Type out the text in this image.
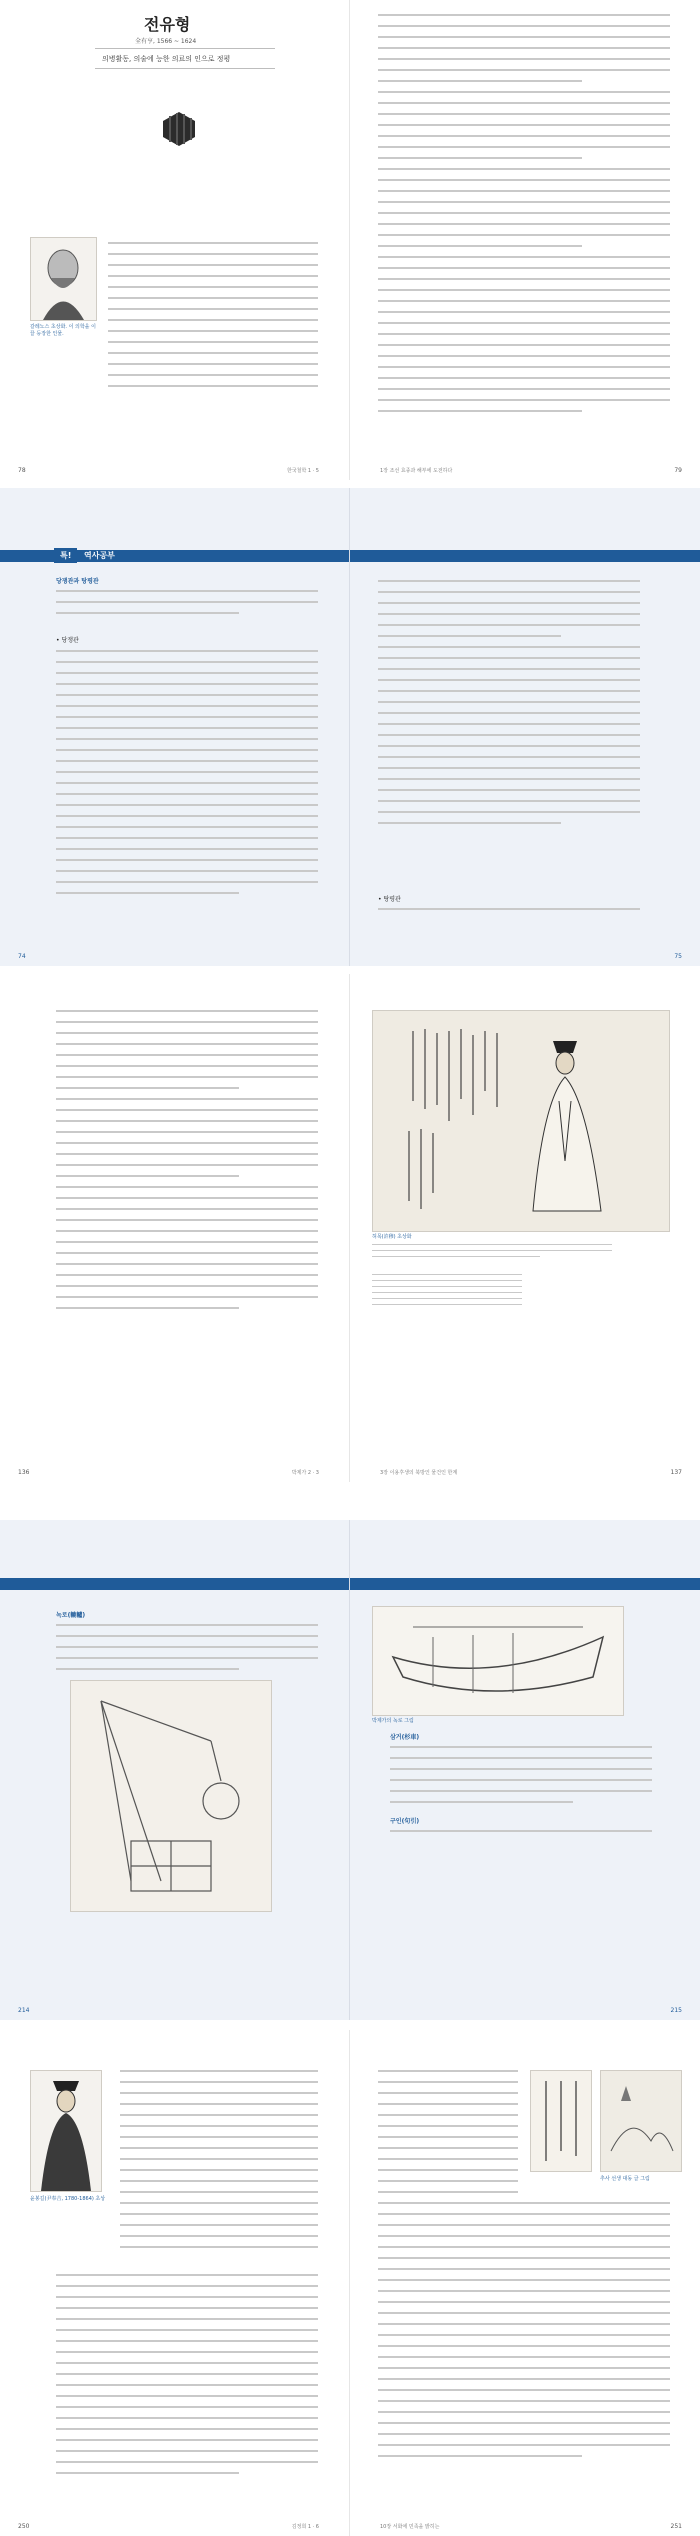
전유형
全有亨, 1566 ~ 1624
의병활동, 의술에 능한 의료의 인으로 정평
갈레노스 초상화. 이 의학을 이끌 등장한 인물.
78	한국철학 1 · 5	79
1장 조선 효종과 해부에 도전하다
특!	역사공부
당쟁관과 탕평관
• 당쟁관
74
• 탕평관
75
136	박제가 2 · 3
허목(許穆) 초상화
137
3장 이용후생의 북방인 물건인 한계
녹로(轆轤)
214
박제가의 녹로 그림
삼거(杉車)
구인(句引)
215
윤봉길(尹奉吉, 1780-1864) 초상
250	김정희 1 · 6
추사 선생 대동 글 그림
251
10장 서화에 민족을 밝히는
